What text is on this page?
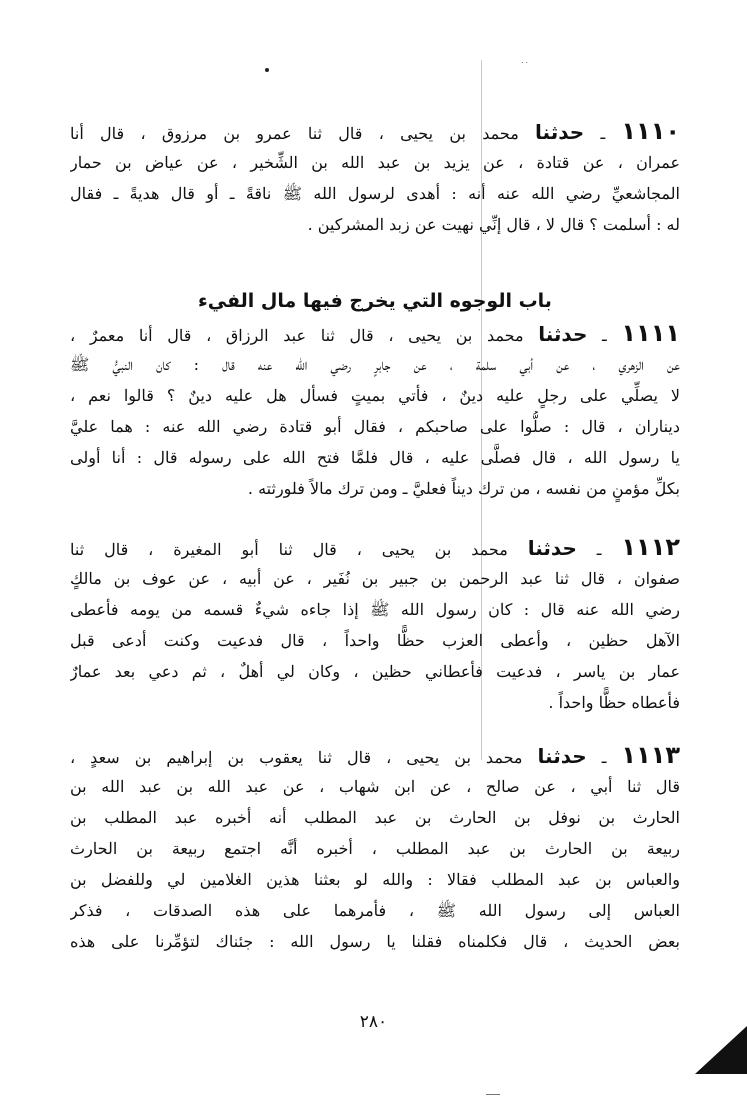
˙˙
١١١٠ ـ حدثنا محمد بن يحيى ، قال ثنا عمرو بن مرزوق ، قال أنا
عمران ، عن قتادة ، عن يزيد بن عبد الله بن الشِّخير ، عن عياض بن حمار
المجاشعيِّ رضي الله عنه أنه : أهدى لرسول الله ﷺ ناقةً ـ أو قال هديةً ـ فقال
له : أسلمت ؟ قال لا ، قال إنِّي نهيت عن زبد المشركين .
باب الوجوه التي يخرج فيها مال الفيء
١١١١ ـ حدثنا محمد بن يحيى ، قال ثنا عبد الرزاق ، قال أنا معمرٌ ،
عن الزهري ، عن أبي سلمة ، عن جابرٍ رضي الله عنه قال : كان النبيُّ ﷺ
لا يصلِّي على رجلٍ عليه دينٌ ، فأتي بميتٍ فسأل هل عليه دينٌ ؟ قالوا نعم ،
ديناران ، قال : صلُّوا على صاحبكم ، فقال أبو قتادة رضي الله عنه : هما عليَّ
يا رسول الله ، قال فصلَّى عليه ، قال فلمَّا فتح الله على رسوله قال : أنا أولى
بكلِّ مؤمنٍ من نفسه ، من ترك ديناً فعليَّ ـ ومن ترك مالاً فلورثته .
١١١٢ ـ حدثنا محمد بن يحيى ، قال ثنا أبو المغيرة ، قال ثنا
صفوان ، قال ثنا عبد الرحمن بن جبير بن نُفَير ، عن أبيه ، عن عوف بن مالكٍ
رضي الله عنه قال : كان رسول الله ﷺ إذا جاءه شيءٌ قسمه من يومه فأعطى
الآهل حظين ، وأعطى العزب حظًّا واحداً ، قال فدعيت وكنت أدعى قبل
عمار بن ياسر ، فدعيت فأعطاني حظين ، وكان لي أهلٌ ، ثم دعي بعد عمارٌ
فأعطاه حظًّا واحداً .
١١١٣ ـ حدثنا محمد بن يحيى ، قال ثنا يعقوب بن إبراهيم بن سعدٍ ،
قال ثنا أبي ، عن صالح ، عن ابن شهاب ، عن عبد الله بن عبد الله بن
الحارث بن نوفل بن الحارث بن عبد المطلب أنه أخبره عبد المطلب بن
ربيعة بن الحارث بن عبد المطلب ، أخبره أنَّه اجتمع ربيعة بن الحارث
والعباس بن عبد المطلب فقالا : والله لو بعثنا هذين الغلامين لي وللفضل بن
العباس إلى رسول الله ﷺ ، فأمرهما على هذه الصدقات ، فذكر
بعض الحديث ، قال فكلمناه فقلنا يا رسول الله : جئناك لتؤمِّرنا على هذه
٢٨٠
